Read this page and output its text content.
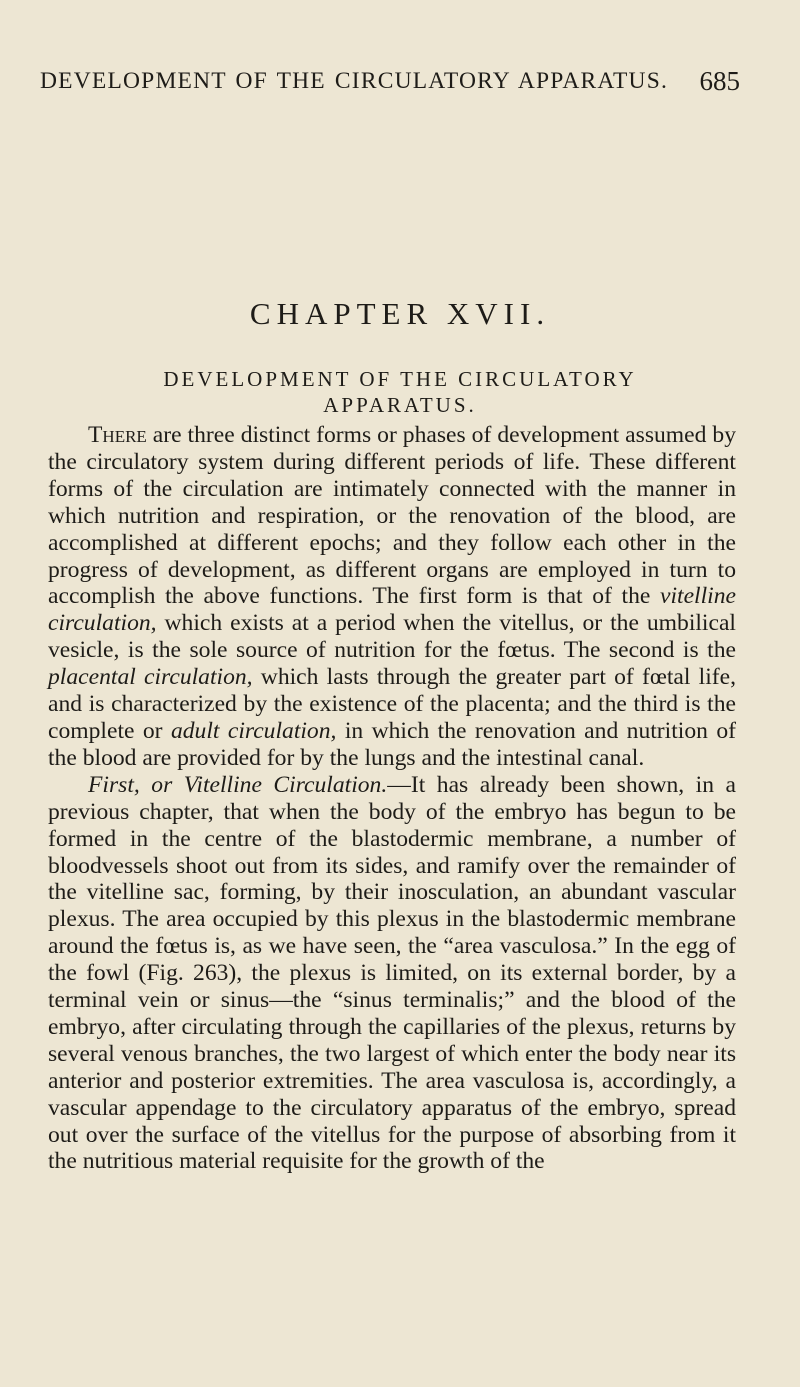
DEVELOPMENT OF THE CIRCULATORY APPARATUS. 685
CHAPTER XVII.
DEVELOPMENT OF THE CIRCULATORY
APPARATUS.

There are three distinct forms or phases of development assumed by the circulatory system during different periods of life. These different forms of the circulation are intimately connected with the manner in which nutrition and respiration, or the renovation of the blood, are accomplished at different epochs; and they follow each other in the progress of development, as different organs are employed in turn to accomplish the above functions. The first form is that of the vitelline circulation, which exists at a period when the vitellus, or the umbilical vesicle, is the sole source of nutrition for the fœtus. The second is the placental circulation, which lasts through the greater part of fœtal life, and is characterized by the existence of the placenta; and the third is the complete or adult circulation, in which the renovation and nutrition of the blood are provided for by the lungs and the intestinal canal.

First, or Vitelline Circulation.—It has already been shown, in a previous chapter, that when the body of the embryo has begun to be formed in the centre of the blastodermic membrane, a number of bloodvessels shoot out from its sides, and ramify over the remainder of the vitelline sac, forming, by their inosculation, an abundant vascular plexus. The area occupied by this plexus in the blastodermic membrane around the fœtus is, as we have seen, the “area vasculosa.” In the egg of the fowl (Fig. 263), the plexus is limited, on its external border, by a terminal vein or sinus—the “sinus terminalis;” and the blood of the embryo, after circulating through the capillaries of the plexus, returns by several venous branches, the two largest of which enter the body near its anterior and posterior extremities. The area vasculosa is, accordingly, a vascular appendage to the circulatory apparatus of the embryo, spread out over the surface of the vitellus for the purpose of absorbing from it the nutritious material requisite for the growth of the
